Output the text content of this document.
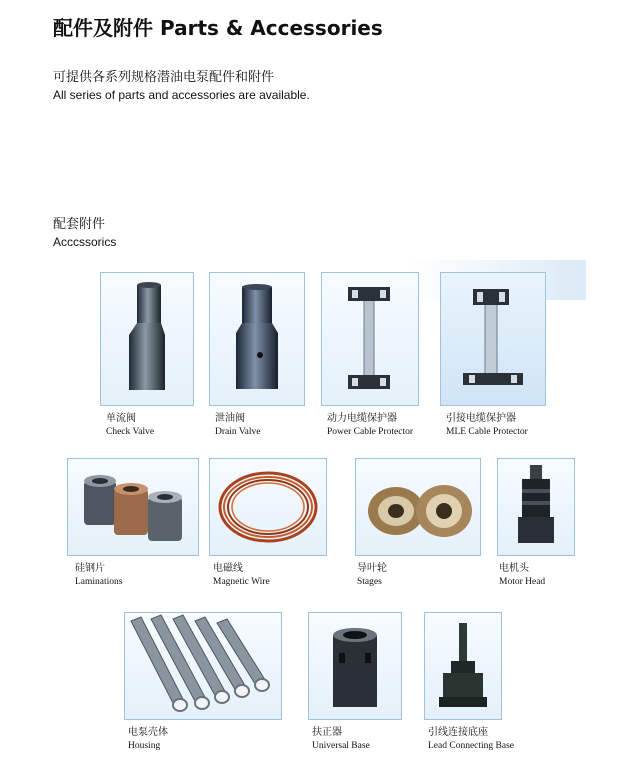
配件及附件 Parts & Accessories
可提供各系列规格潜油电泵配件和附件
All series of parts and accessories are available.
配套附件
Acccssorics
单流阀
Check Valve
泄油阀
Drain Valve
动力电缆保护器
Power Cable Protector
引接电缆保护器
MLE Cable Protector
硅钢片
Laminations
电磁线
Magnetic Wire
导叶轮
Stages
电机头
Motor Head
电泵壳体
Housing
扶正器
Universal Base
引线连接底座
Lead Connecting Base
